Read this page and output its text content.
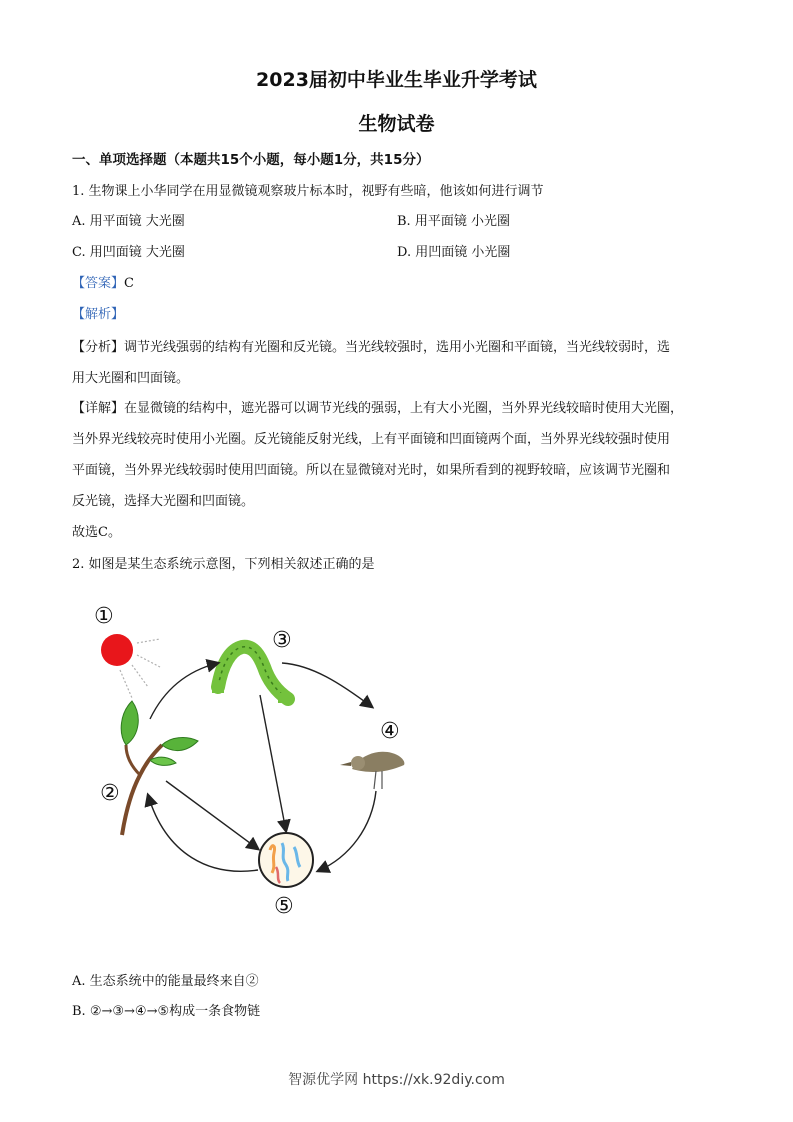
2023届初中毕业生毕业升学考试
生物试卷
一、单项选择题（本题共15个小题，每小题1分，共15分）
1. 生物课上小华同学在用显微镜观察玻片标本时，视野有些暗，他该如何进行调节
A. 用平面镜 大光圈	B. 用平面镜 小光圈
C. 用凹面镜 大光圈	D. 用凹面镜 小光圈
【答案】C
【解析】
【分析】调节光线强弱的结构有光圈和反光镜。当光线较强时，选用小光圈和平面镜，当光线较弱时，选
用大光圈和凹面镜。
【详解】在显微镜的结构中，遮光器可以调节光线的强弱，上有大小光圈，当外界光线较暗时使用大光圈，
当外界光线较亮时使用小光圈。反光镜能反射光线，上有平面镜和凹面镜两个面，当外界光线较强时使用
平面镜，当外界光线较弱时使用凹面镜。所以在显微镜对光时，如果所看到的视野较暗，应该调节光圈和
反光镜，选择大光圈和凹面镜。
故选C。
2. 如图是某生态系统示意图，下列相关叙述正确的是
①
②
③
④
⑤
A. 生态系统中的能量最终来自②
B. ②→③→④→⑤构成一条食物链
智源优学网 https://xk.92diy.com
